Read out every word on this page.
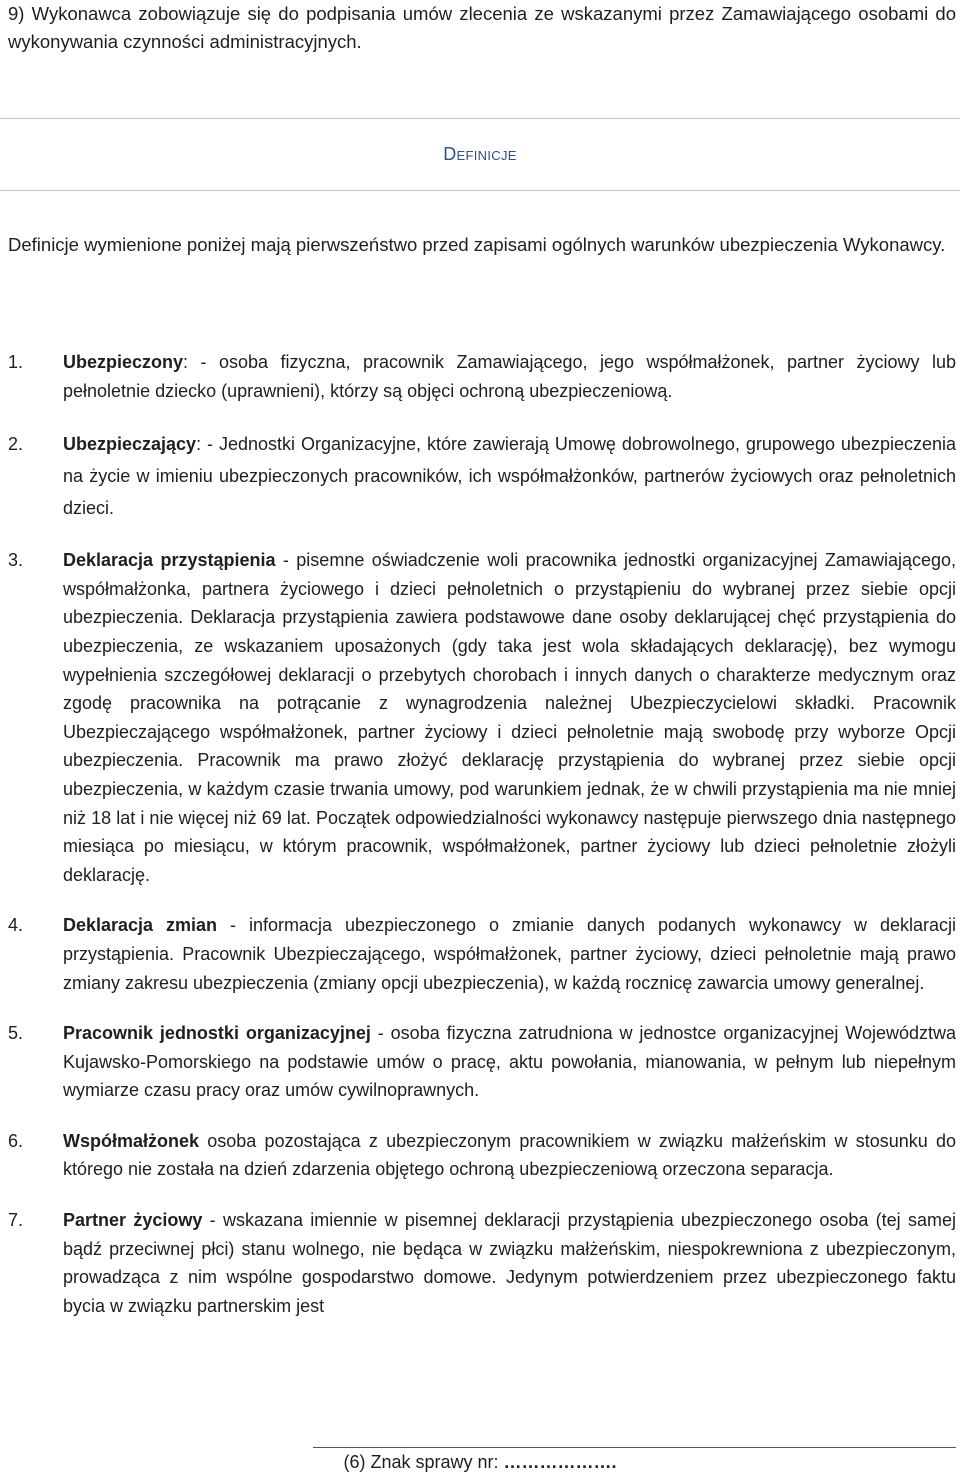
9) Wykonawca zobowiązuje się do podpisania umów zlecenia ze wskazanymi przez Zamawiającego osobami do wykonywania czynności administracyjnych.
Definicje
Definicje wymienione poniżej mają pierwszeństwo przed zapisami ogólnych warunków ubezpieczenia Wykonawcy.
1. Ubezpieczony: - osoba fizyczna, pracownik Zamawiającego, jego współmałżonek, partner życiowy lub pełnoletnie dziecko (uprawnieni), którzy są objęci ochroną ubezpieczeniową.
2. Ubezpieczający: - Jednostki Organizacyjne, które zawierają Umowę dobrowolnego, grupowego ubezpieczenia na życie w imieniu ubezpieczonych pracowników, ich współmałżonków, partnerów życiowych oraz pełnoletnich dzieci.
3. Deklaracja przystąpienia - pisemne oświadczenie woli pracownika jednostki organizacyjnej Zamawiającego, współmałżonka, partnera życiowego i dzieci pełnoletnich o przystąpieniu do wybranej przez siebie opcji ubezpieczenia. Deklaracja przystąpienia zawiera podstawowe dane osoby deklarującej chęć przystąpienia do ubezpieczenia, ze wskazaniem uposażonych (gdy taka jest wola składających deklarację), bez wymogu wypełnienia szczegółowej deklaracji o przebytych chorobach i innych danych o charakterze medycznym oraz zgodę pracownika na potrącanie z wynagrodzenia należnej Ubezpieczycielowi składki. Pracownik Ubezpieczającego współmałżonek, partner życiowy i dzieci pełnoletnie mają swobodę przy wyborze Opcji ubezpieczenia. Pracownik ma prawo złożyć deklarację przystąpienia do wybranej przez siebie opcji ubezpieczenia, w każdym czasie trwania umowy, pod warunkiem jednak, że w chwili przystąpienia ma nie mniej niż 18 lat i nie więcej niż 69 lat. Początek odpowiedzialności wykonawcy następuje pierwszego dnia następnego miesiąca po miesiącu, w którym pracownik, współmałżonek, partner życiowy lub dzieci pełnoletnie złożyli deklarację.
4. Deklaracja zmian - informacja ubezpieczonego o zmianie danych podanych wykonawcy w deklaracji przystąpienia. Pracownik Ubezpieczającego, współmałżonek, partner życiowy, dzieci pełnoletnie mają prawo zmiany zakresu ubezpieczenia (zmiany opcji ubezpieczenia), w każdą rocznicę zawarcia umowy generalnej.
5. Pracownik jednostki organizacyjnej - osoba fizyczna zatrudniona w jednostce organizacyjnej Województwa Kujawsko-Pomorskiego na podstawie umów o pracę, aktu powołania, mianowania, w pełnym lub niepełnym wymiarze czasu pracy oraz umów cywilnoprawnych.
6. Współmałżonek osoba pozostająca z ubezpieczonym pracownikiem w związku małżeńskim w stosunku do którego nie została na dzień zdarzenia objętego ochroną ubezpieczeniową orzeczona separacja.
7. Partner życiowy - wskazana imiennie w pisemnej deklaracji przystąpienia ubezpieczonego osoba (tej samej bądź przeciwnej płci) stanu wolnego, nie będąca w związku małżeńskim, niespokrewniona z ubezpieczonym, prowadząca z nim wspólne gospodarstwo domowe. Jedynym potwierdzeniem przez ubezpieczonego faktu bycia w związku partnerskim jest
(6) Znak sprawy nr: ……………….
